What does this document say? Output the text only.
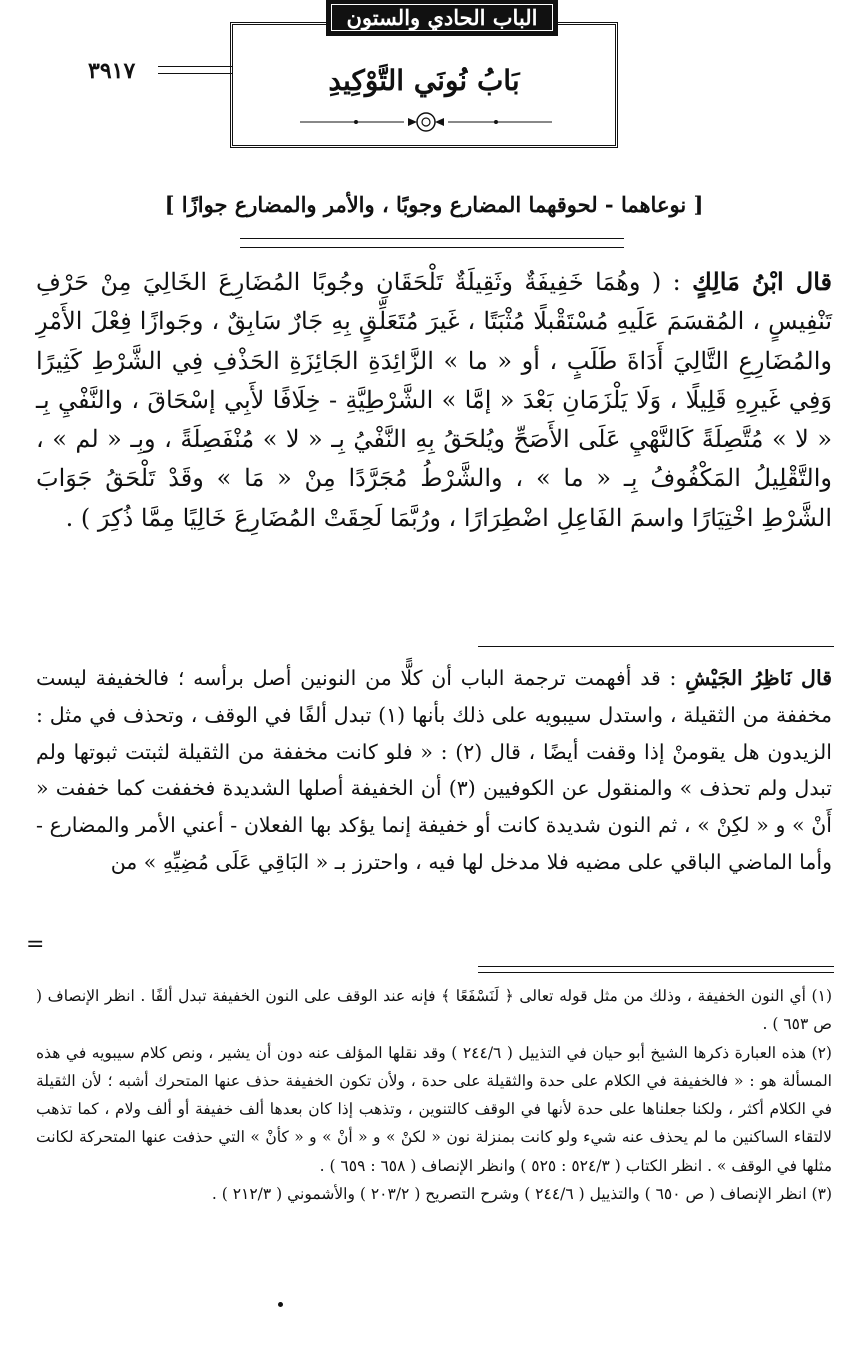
الباب الحادي والستون
٣٩١٧	بَابُ نُونَي التَّوْكِيدِ
[ نوعاهما - لحوقهما المضارع وجوبًا ، والأمر والمضارع جوازًا ]
قال ابْنُ مَالِكٍ : ( وهُمَا خَفِيفَةٌ وثَقِيلَةٌ تَلْحَقَانِ وجُوبًا المُضَارِعَ الخَالِيَ مِنْ حَرْفِ تَنْفِيسٍ ، المُقسَمَ عَلَيهِ مُسْتَقْبلًا مُثْبَتًا ، غَيرَ مُتَعَلِّقٍ بِهِ جَارٌ سَابِقٌ ، وجَوازًا فِعْلَ الأَمْرِ والمُضَارِعِ التَّالِيَ أَدَاةَ طَلَبٍ ، أو « ما » الزَّائِدَةِ الجَائِزَةِ الحَذْفِ فِي الشَّرْطِ كَثِيرًا وَفِي غَيرِهِ قَلِيلًا ، وَلَا يَلْزَمَانِ بَعْدَ « إمَّا » الشَّرْطِيَّةِ - خِلَافًا لأَبِي إسْحَاقَ ، والنَّفْيِ بِـ « لا » مُتَّصِلَةً كَالنَّهْيِ عَلَى الأَصَحِّ ويُلحَقُ بِهِ النَّفْيُ بِـ « لا » مُنْفَصِلَةً ، وبِـ « لم » ، والتَّقْلِيلُ المَكْفُوفُ بِـ « ما » ، والشَّرْطُ مُجَرَّدًا مِنْ « مَا » وقَدْ تَلْحَقُ جَوَابَ الشَّرْطِ اخْتِيَارًا واسمَ الفَاعِلِ اضْطِرَارًا ، ورُبَّمَا لَحِقَتْ المُضَارِعَ خَالِيًا مِمَّا ذُكِرَ ) .
قال نَاظِرُ الجَيْشِ : قد أفهمت ترجمة الباب أن كلًّا من النونين أصل برأسه ؛ فالخفيفة ليست مخففة من الثقيلة ، واستدل سيبويه على ذلك بأنها (١) تبدل ألفًا في الوقف ، وتحذف في مثل : الزيدون هل يقومنْ إذا وقفت أيضًا ، قال (٢) : « فلو كانت مخففة من الثقيلة لثبتت ثبوتها ولم تبدل ولم تحذف » والمنقول عن الكوفيين (٣) أن الخفيفة أصلها الشديدة فخففت كما خففت « أَنْ » و « لكِنْ » ، ثم النون شديدة كانت أو خفيفة إنما يؤكد بها الفعلان - أعني الأمر والمضارع - وأما الماضي الباقي على مضيه فلا مدخل لها فيه ، واحترز بـ « البَاقِي عَلَى مُضِيِّهِ » من
=

(١) أي النون الخفيفة ، وذلك من مثل قوله تعالى ﴿ لَنَسْفَعًا ﴾ فإنه عند الوقف على النون الخفيفة تبدل ألفًا . انظر الإنصاف ( ص ٦٥٣ ) .

(٢) هذه العبارة ذكرها الشيخ أبو حيان في التذييل ( ٢٤٤/٦ ) وقد نقلها المؤلف عنه دون أن يشير ، ونص كلام سيبويه في هذه المسألة هو : « فالخفيفة في الكلام على حدة والثقيلة على حدة ، ولأن تكون الخفيفة حذف عنها المتحرك أشبه ؛ لأن الثقيلة في الكلام أكثر ، ولكنا جعلناها على حدة لأنها في الوقف كالتنوين ، وتذهب إذا كان بعدها ألف خفيفة أو ألف ولام ، كما تذهب لالتقاء الساكنين ما لم يحذف عنه شيء ولو كانت بمنزلة نون « لكنْ » و « أنْ » و « كأنْ » التي حذفت عنها المتحركة لكانت مثلها في الوقف » . انظر الكتاب ( ٥٢٤/٣ : ٥٢٥ ) وانظر الإنصاف ( ٦٥٨ : ٦٥٩ ) .

(٣) انظر الإنصاف ( ص ٦٥٠ ) والتذييل ( ٢٤٤/٦ ) وشرح التصريح ( ٢٠٣/٢ ) والأشموني ( ٢١٢/٣ ) .
